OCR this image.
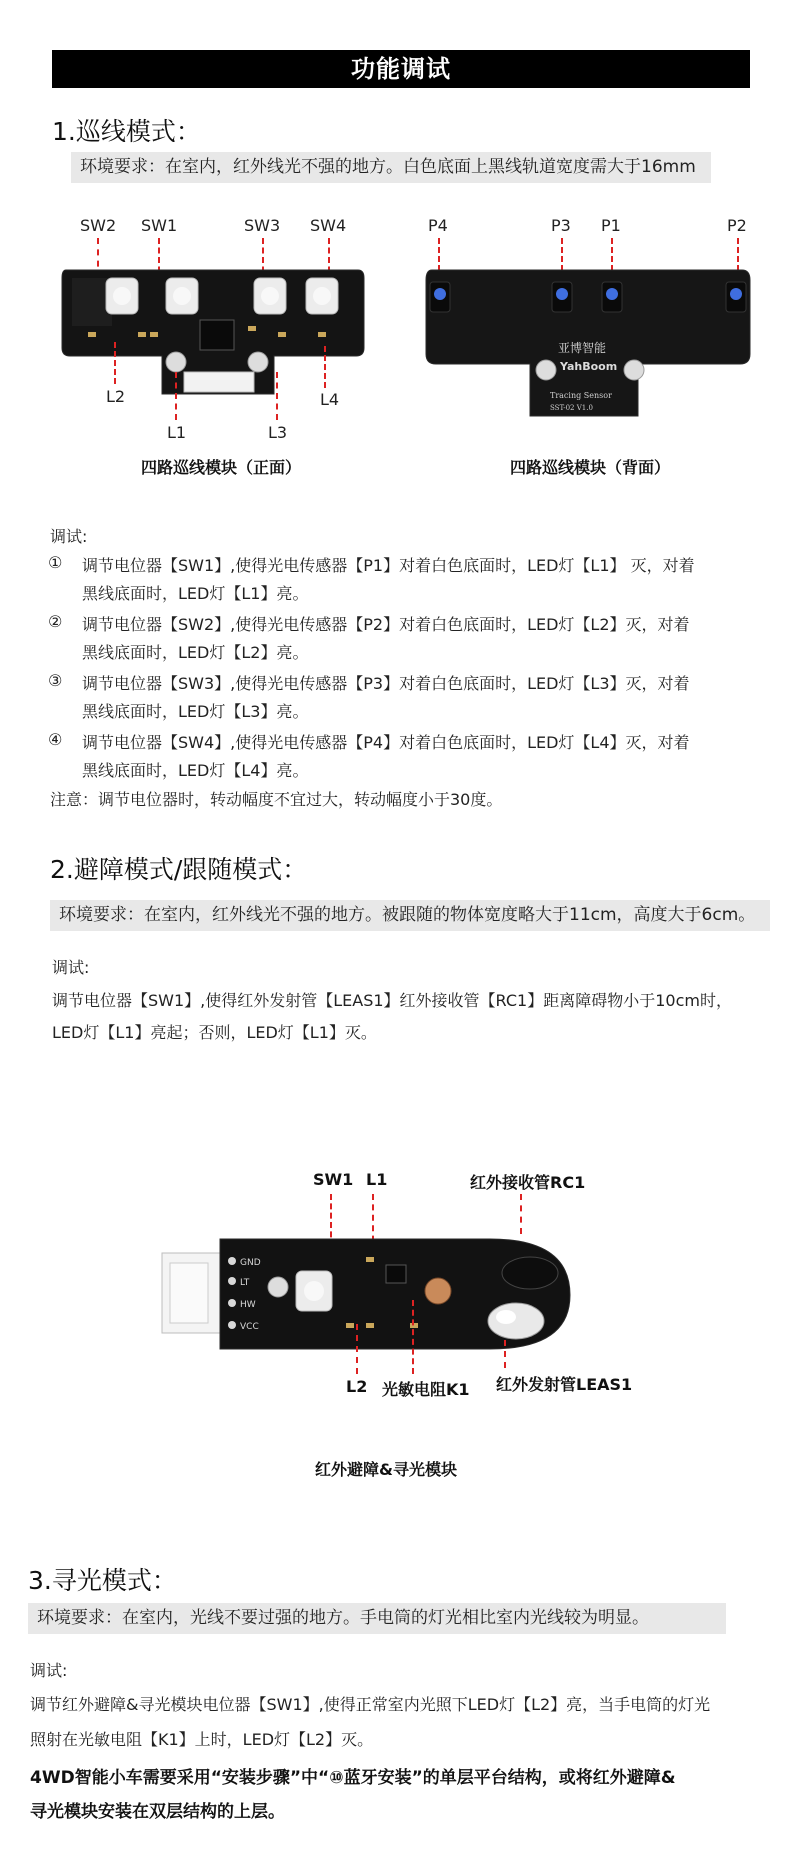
功能调试
1.巡线模式：
环境要求：在室内，红外线光不强的地方。白色底面上黑线轨道宽度需大于16mm
SW2 SW1	SW3 SW4
L2
L1	L3
L4
P4	P3 P1	P2
亚博智能
YahBoom
Tracing Sensor
SST-02 V1.0
四路巡线模块（正面）	四路巡线模块（背面）
调试:
①	调节电位器【SW1】,使得光电传感器【P1】对着白色底面时，LED灯【L1】 灭，对着
黑线底面时，LED灯【L1】亮。
②	调节电位器【SW2】,使得光电传感器【P2】对着白色底面时，LED灯【L2】灭，对着
黑线底面时，LED灯【L2】亮。
③	调节电位器【SW3】,使得光电传感器【P3】对着白色底面时，LED灯【L3】灭，对着
黑线底面时，LED灯【L3】亮。
④	调节电位器【SW4】,使得光电传感器【P4】对着白色底面时，LED灯【L4】灭，对着
黑线底面时，LED灯【L4】亮。
注意：调节电位器时，转动幅度不宜过大，转动幅度小于30度。
2.避障模式/跟随模式：
环境要求：在室内，红外线光不强的地方。被跟随的物体宽度略大于11cm，高度大于6cm。
调试:
调节电位器【SW1】,使得红外发射管【LEAS1】红外接收管【RC1】距离障碍物小于10cm时，
LED灯【L1】亮起；否则，LED灯【L1】灭。
SW1 L1	红外接收管RC1
GND
LT
HW
VCC
L2 光敏电阻K1 红外发射管LEAS1
红外避障&寻光模块
3.寻光模式：
环境要求：在室内，光线不要过强的地方。手电筒的灯光相比室内光线较为明显。
调试:
调节红外避障&寻光模块电位器【SW1】,使得正常室内光照下LED灯【L2】亮，当手电筒的灯光
照射在光敏电阻【K1】上时，LED灯【L2】灭。
4WD智能小车需要采用“安装步骤”中“⑩蓝牙安装”的单层平台结构，或将红外避障&
寻光模块安装在双层结构的上层。
